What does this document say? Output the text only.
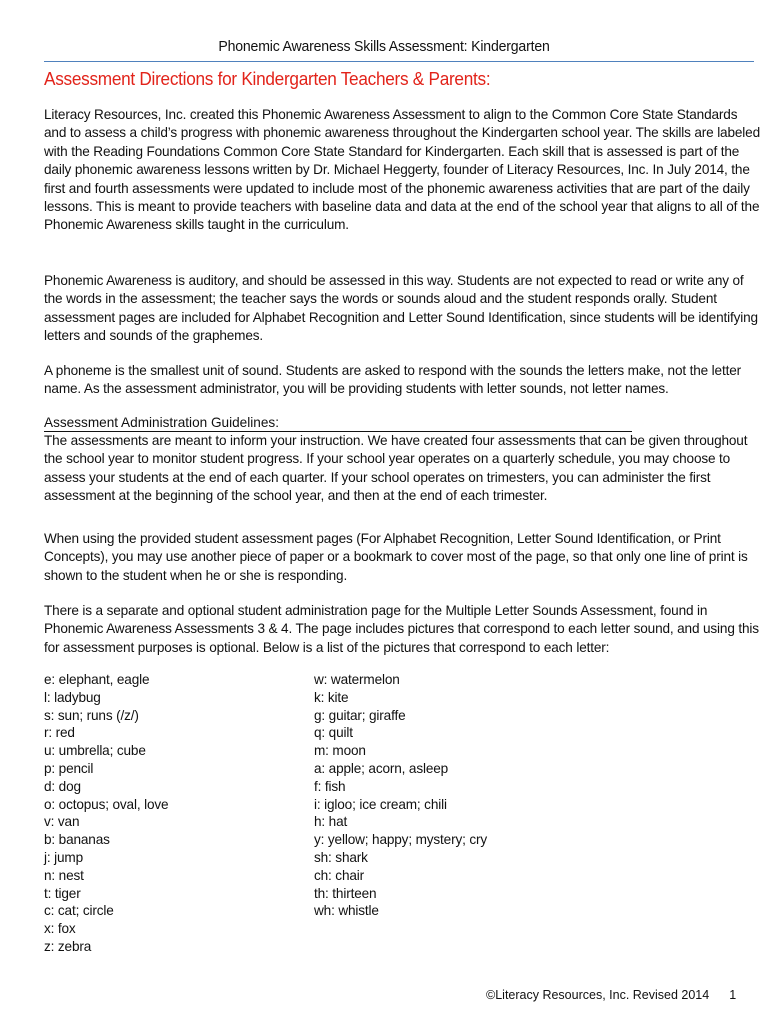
Phonemic Awareness Skills Assessment: Kindergarten
Assessment Directions for Kindergarten Teachers & Parents:

Literacy Resources, Inc. created this Phonemic Awareness Assessment to align to the Common Core State Standards and to assess a child’s progress with phonemic awareness throughout the Kindergarten school year. The skills are labeled with the Reading Foundations Common Core State Standard for Kindergarten. Each skill that is assessed is part of the daily phonemic awareness lessons written by Dr. Michael Heggerty, founder of Literacy Resources, Inc. In July 2014, the first and fourth assessments were updated to include most of the phonemic awareness activities that are part of the daily lessons. This is meant to provide teachers with baseline data and data at the end of the school year that aligns to all of the Phonemic Awareness skills taught in the curriculum.

Phonemic Awareness is auditory, and should be assessed in this way. Students are not expected to read or write any of the words in the assessment; the teacher says the words or sounds aloud and the student responds orally. Student assessment pages are included for Alphabet Recognition and Letter Sound Identification, since students will be identifying letters and sounds of the graphemes.

A phoneme is the smallest unit of sound. Students are asked to respond with the sounds the letters make, not the letter name. As the assessment administrator, you will be providing students with letter sounds, not letter names.

Assessment Administration Guidelines:

The assessments are meant to inform your instruction. We have created four assessments that can be given throughout the school year to monitor student progress. If your school year operates on a quarterly schedule, you may choose to assess your students at the end of each quarter. If your school operates on trimesters, you can administer the first assessment at the beginning of the school year, and then at the end of each trimester.

When using the provided student assessment pages (For Alphabet Recognition, Letter Sound Identification, or Print Concepts), you may use another piece of paper or a bookmark to cover most of the page, so that only one line of print is shown to the student when he or she is responding.

There is a separate and optional student administration page for the Multiple Letter Sounds Assessment, found in Phonemic Awareness Assessments 3 & 4. The page includes pictures that correspond to each letter sound, and using this for assessment purposes is optional. Below is a list of the pictures that correspond to each letter:

e: elephant, eagle
l: ladybug
s: sun; runs (/z/)
r: red
u: umbrella; cube
p: pencil
d: dog
o: octopus; oval, love
v: van
b: bananas
j: jump
n: nest
t: tiger
c: cat; circle
x: fox
z: zebra
w: watermelon
k: kite
g: guitar; giraffe
q: quilt
m: moon
a: apple; acorn, asleep
f: fish
i: igloo; ice cream; chili
h: hat
y: yellow; happy; mystery; cry
sh: shark
ch: chair
th: thirteen
wh: whistle
©Literacy Resources, Inc. Revised 2014 1
